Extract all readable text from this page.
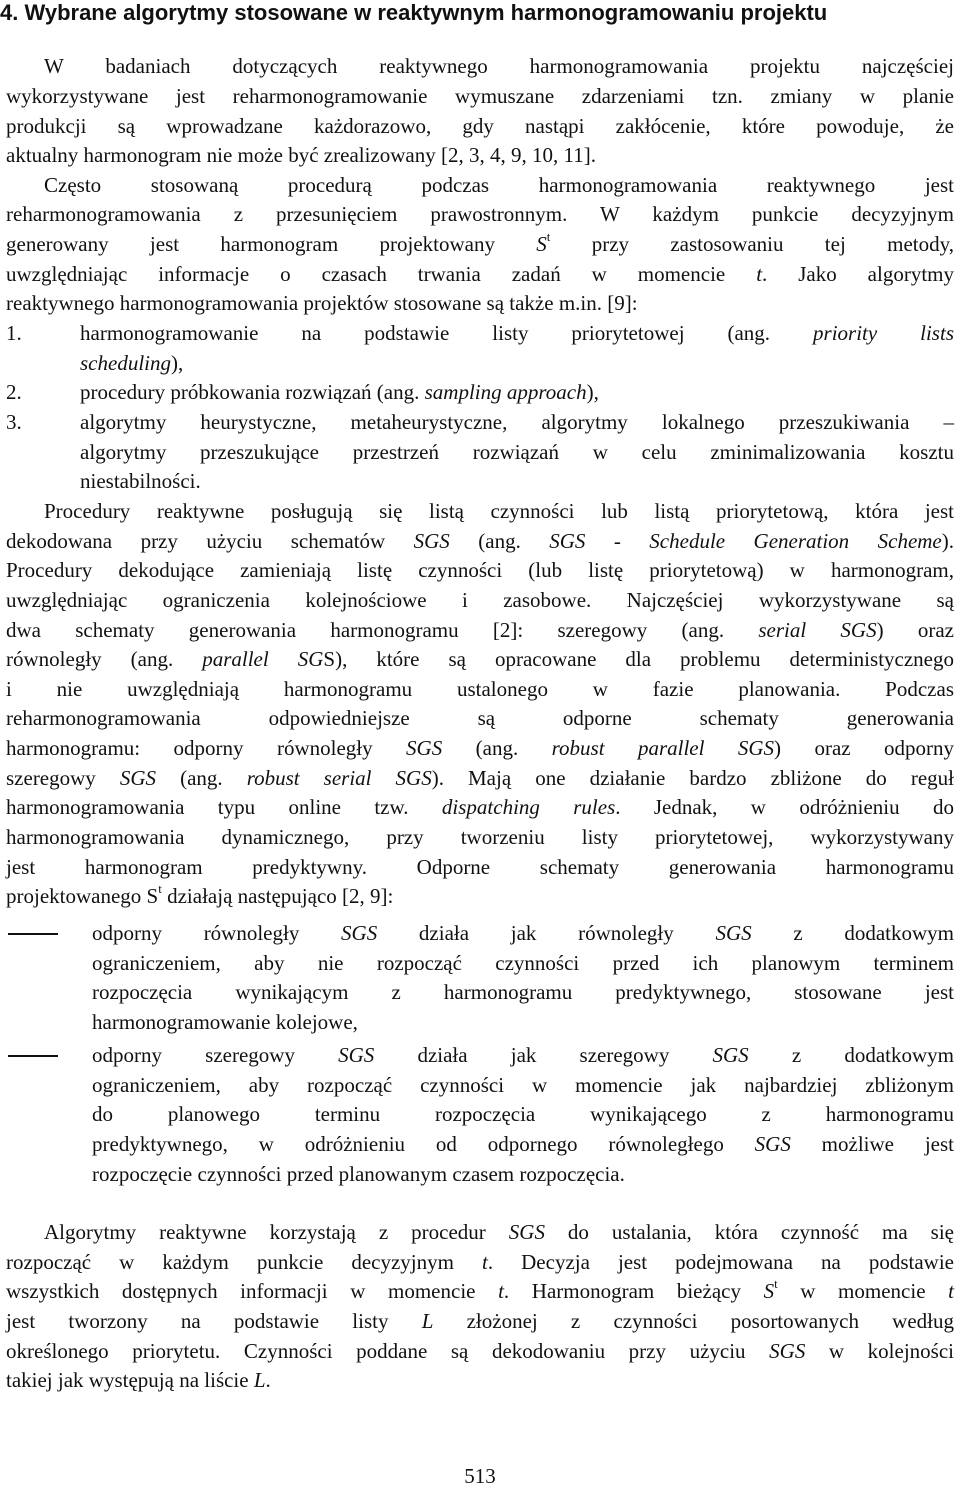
4. Wybrane algorytmy stosowane w reaktywnym harmonogramowaniu projektu
W badaniach dotyczących reaktywnego harmonogramowania projektu najczęściej
wykorzystywane jest reharmonogramowanie wymuszane zdarzeniami tzn. zmiany w planie
produkcji są wprowadzane każdorazowo, gdy nastąpi zakłócenie, które powoduje, że
aktualny harmonogram nie może być zrealizowany [2, 3, 4, 9, 10, 11].
Często stosowaną procedurą podczas harmonogramowania reaktywnego jest
reharmonogramowania z przesunięciem prawostronnym. W każdym punkcie decyzyjnym
generowany jest harmonogram projektowany $S^t$ przy zastosowaniu tej metody,
uwzględniając informacje o czasach trwania zadań w momencie t. Jako algorytmy
reaktywnego harmonogramowania projektów stosowane są także m.in. [9]:
1.	harmonogramowanie na podstawie listy priorytetowej (ang. priority lists
scheduling),
2.	procedury próbkowania rozwiązań (ang. sampling approach),
3.	algorytmy heurystyczne, metaheurystyczne, algorytmy lokalnego przeszukiwania –
algorytmy przeszukujące przestrzeń rozwiązań w celu zminimalizowania kosztu
niestabilności.
Procedury reaktywne posługują się listą czynności lub listą priorytetową, która jest
dekodowana przy użyciu schematów SGS (ang. SGS - Schedule Generation Scheme).
Procedury dekodujące zamieniają listę czynności (lub listę priorytetową) w harmonogram,
uwzględniając ograniczenia kolejnościowe i zasobowe. Najczęściej wykorzystywane są
dwa schematy generowania harmonogramu [2]: szeregowy (ang. serial SGS) oraz
równoległy (ang. parallel SGS), które są opracowane dla problemu deterministycznego
i nie uwzględniają harmonogramu ustalonego w fazie planowania. Podczas
reharmonogramowania odpowiedniejsze są odporne schematy generowania
harmonogramu: odporny równoległy SGS (ang. robust parallel SGS) oraz odporny
szeregowy SGS (ang. robust serial SGS). Mają one działanie bardzo zbliżone do reguł
harmonogramowania typu online tzw. dispatching rules. Jednak, w odróżnieniu do
harmonogramowania dynamicznego, przy tworzeniu listy priorytetowej, wykorzystywany
jest harmonogram predyktywny. Odporne schematy generowania harmonogramu
projektowanego $S^t$ działają następująco [2, 9]:
odporny równoległy SGS działa jak równoległy SGS z dodatkowym
ograniczeniem, aby nie rozpocząć czynności przed ich planowym terminem
rozpoczęcia wynikającym z harmonogramu predyktywnego, stosowane jest
harmonogramowanie kolejowe,
odporny szeregowy SGS działa jak szeregowy SGS z dodatkowym
ograniczeniem, aby rozpocząć czynności w momencie jak najbardziej zbliżonym
do planowego terminu rozpoczęcia wynikającego z harmonogramu
predyktywnego, w odróżnieniu od odpornego równoległego SGS możliwe jest
rozpoczęcie czynności przed planowanym czasem rozpoczęcia.
Algorytmy reaktywne korzystają z procedur SGS do ustalania, która czynność ma się
rozpocząć w każdym punkcie decyzyjnym t. Decyzja jest podejmowana na podstawie
wszystkich dostępnych informacji w momencie t. Harmonogram bieżący $S^t$ w momencie t
jest tworzony na podstawie listy L złożonej z czynności posortowanych według
określonego priorytetu. Czynności poddane są dekodowaniu przy użyciu SGS w kolejności
takiej jak występują na liście L.
513
